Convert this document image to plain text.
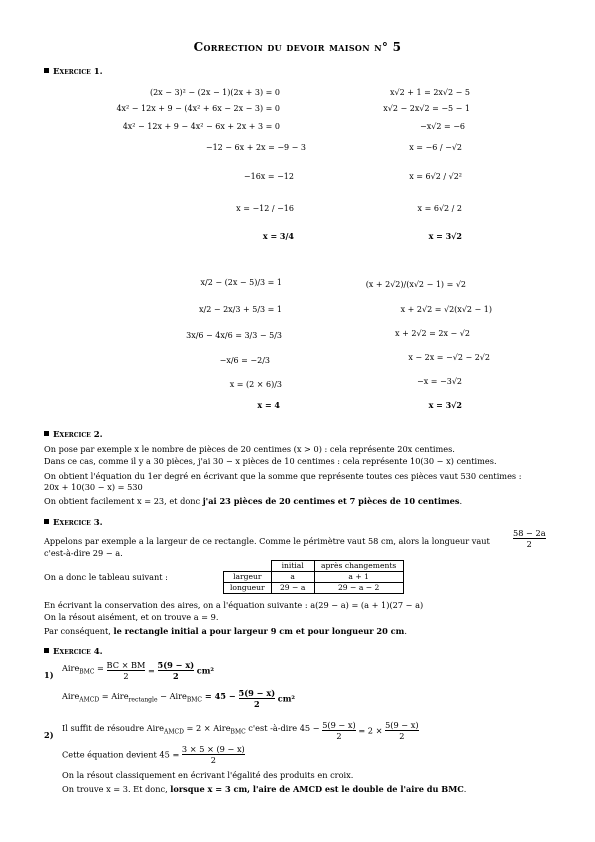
Correction du devoir maison n° 5
Exercice 1.
(2x − 3)² − (2x − 1)(2x + 3) = 0
4x² − 12x + 9 − (4x² + 6x − 2x − 3) = 0
4x² − 12x + 9 − 4x² − 6x + 2x + 3 = 0
−12 − 6x + 2x = −9 − 3
−16x = −12
x = −12 / −16
x = 3/4
x√2 + 1 = 2x√2 − 5
x√2 − 2x√2 = −5 − 1
−x√2 = −6
x = −6 / −√2
x = 6√2 / √2²
x = 6√2 / 2
x = 3√2
x/2 − (2x − 5)/3 = 1
x/2 − 2x/3 + 5/3 = 1
3x/6 − 4x/6 = 3/3 − 5/3
−x/6 = −2/3
x = (2 × 6)/3
x = 4
(x + 2√2)/(x√2 − 1) = √2
x + 2√2 = √2(x√2 − 1)
x + 2√2 = 2x − √2
x − 2x = −√2 − 2√2
−x = −3√2
x = 3√2
Exercice 2.
On pose par exemple x le nombre de pièces de 20 centimes (x > 0) : cela représente 20x centimes.
Dans ce cas, comme il y a 30 pièces, j'ai 30 − x pièces de 10 centimes : cela représente 10(30 − x) centimes.
On obtient l'équation du 1er degré en écrivant que la somme que représente toutes ces pièces vaut 530 centimes :
20x + 10(30 − x) = 530
On obtient facilement x = 23, et donc j'ai 23 pièces de 20 centimes et 7 pièces de 10 centimes.
Exercice 3.
Appelons par exemple a la largeur de ce rectangle. Comme le périmètre vaut 58 cm, alors la longueur vaut	$\frac{58 - 2a}{2}$
c'est-à-dire 29 − a.
On a donc le tableau suivant :
	initial	après changements
largeur	a	a + 1
longueur	29 − a	29 − a − 2
En écrivant la conservation des aires, on a l'équation suivante : a(29 − a) = (a + 1)(27 − a)
On la résout aisément, et on trouve a = 9.
Par conséquent, le rectangle initial a pour largeur 9 cm et pour longueur 20 cm.
Exercice 4.
1)
Aire$_{BMC}$ = $\frac{BC \times BM}{2} = \frac{5(9 - x)}{2} cm^2$
Aire$_{AMCD}$ = Aire$_{rectangle}$ − Aire$_{BMC}$ = $45 - \frac{5(9 - x)}{2} cm^2$
2)
Il suffit de résoudre Aire$_{AMCD}$ = 2 × Aire$_{BMC}$ c'est -à-dire $45 - \frac{5(9 - x)}{2} = 2 \times \frac{5(9 - x)}{2}$
Cette équation devient $45 = \frac{3 \times 5 \times (9 - x)}{2}$
On la résout classiquement en écrivant l'égalité des produits en croix.
On trouve x = 3. Et donc, lorsque x = 3 cm, l'aire de AMCD est le double de l'aire du BMC.
